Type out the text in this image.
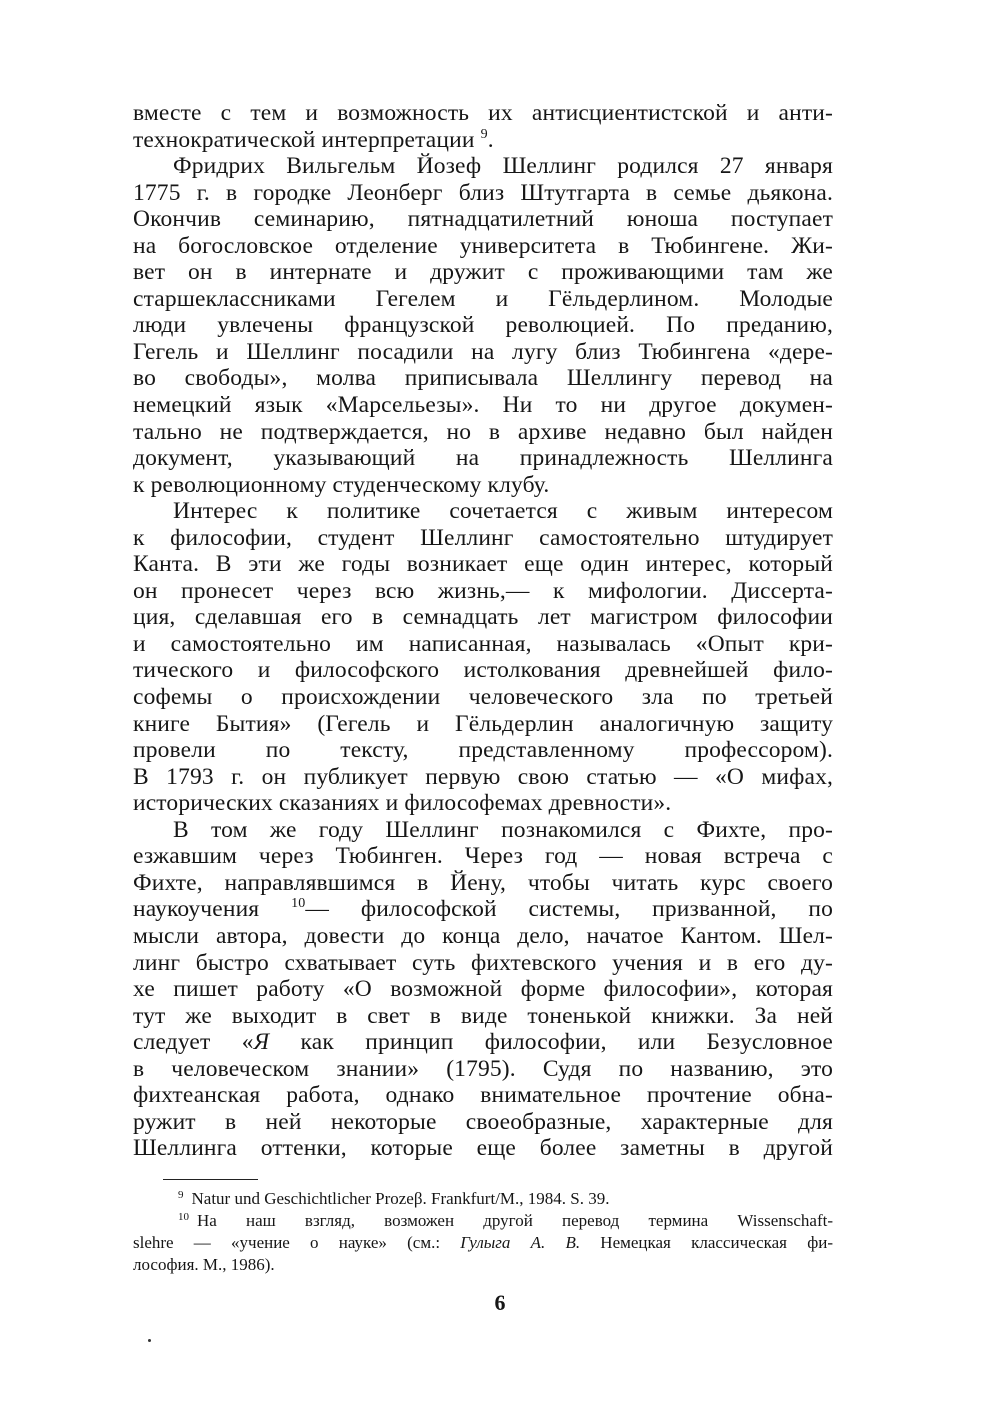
вместе с тем и возможность их антисциентистской и анти-
технократической интерпретации $^9$.

Фридрих Вильгельм Йозеф Шеллинг родился 27 января
1775 г. в городке Леонберг близ Штутгарта в семье дьякона.
Окончив семинарию, пятнадцатилетний юноша поступает
на богословское отделение университета в Тюбингене. Жи-
вет он в интернате и дружит с проживающими там же
старшеклассниками Гегелем и Гёльдерлином. Молодые
люди увлечены французской революцией. По преданию,
Гегель и Шеллинг посадили на лугу близ Тюбингена «дере-
во свободы», молва приписывала Шеллингу перевод на
немецкий язык «Марсельезы». Ни то ни другое докумен-
тально не подтверждается, но в архиве недавно был найден
документ, указывающий на принадлежность Шеллинга
к революционному студенческому клубу.

Интерес к политике сочетается с живым интересом
к философии, студент Шеллинг самостоятельно штудирует
Канта. В эти же годы возникает еще один интерес, который
он пронесет через всю жизнь,— к мифологии. Диссерта-
ция, сделавшая его в семнадцать лет магистром философии
и самостоятельно им написанная, называлась «Опыт кри-
тического и философского истолкования древнейшей фило-
софемы о происхождении человеческого зла по третьей
книге Бытия» (Гегель и Гёльдерлин аналогичную защиту
провели по тексту, представленному профессором).
В 1793 г. он публикует первую свою статью — «О мифах,
исторических сказаниях и философемах древности».

В том же году Шеллинг познакомился с Фихте, про-
езжавшим через Тюбинген. Через год — новая встреча с
Фихте, направлявшимся в Йену, чтобы читать курс своего
наукоучения $^{10}$— философской системы, призванной, по
мысли автора, довести до конца дело, начатое Кантом. Шел-
линг быстро схватывает суть фихтевского учения и в его ду-
хе пишет работу «О возможной форме философии», которая
тут же выходит в свет в виде тоненькой книжки. За ней
следует «Я как принцип философии, или Безусловное
в человеческом знании» (1795). Судя по названию, это
фихтеанская работа, однако внимательное прочтение обна-
ружит в ней некоторые своеобразные, характерные для
Шеллинга оттенки, которые еще более заметны в другой

$^9$ Natur und Geschichtlicher Prozeβ. Frankfurt/M., 1984. S. 39.

$^{10}$ На наш взгляд, возможен другой перевод термина Wissenschaft-
slehre — «учение о науке» (см.: Гулыга А. В. Немецкая классическая фи-
лософия. М., 1986).

6
